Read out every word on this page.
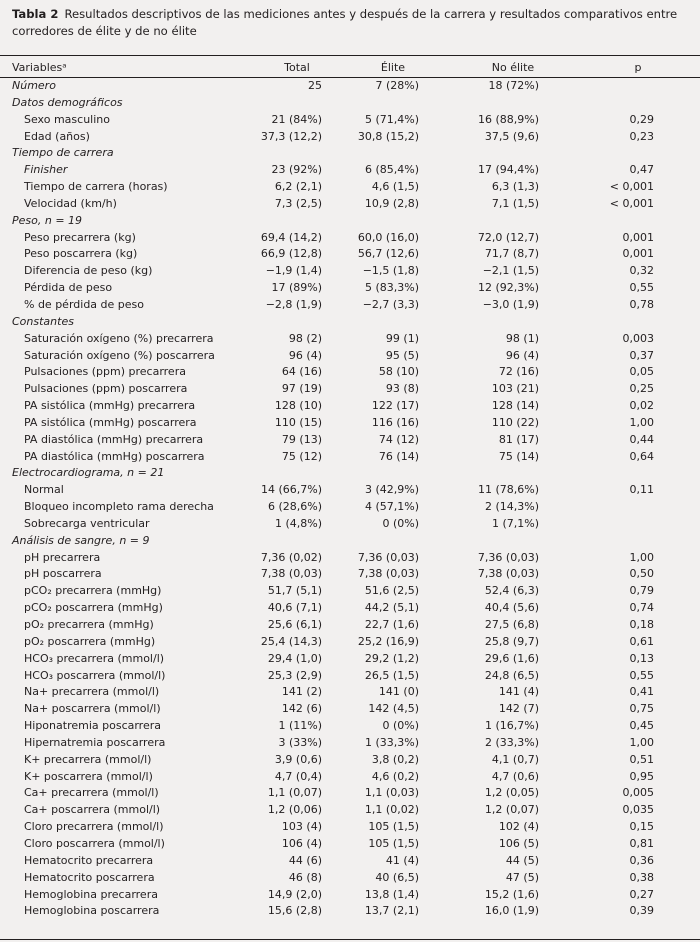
Tabla 2 Resultados descriptivos de las mediciones antes y después de la carrera y resultados comparativos entre corredores de élite y de no élite
Variablesᵃ	Total	Élite	No élite	p
Número	25	7 (28%)	18 (72%)	
Datos demográficos				
Sexo masculino	21 (84%)	5 (71,4%)	16 (88,9%)	0,29
Edad (años)	37,3 (12,2)	30,8 (15,2)	37,5 (9,6)	0,23
Tiempo de carrera				
Finisher	23 (92%)	6 (85,4%)	17 (94,4%)	0,47
Tiempo de carrera (horas)	6,2 (2,1)	4,6 (1,5)	6,3 (1,3)	< 0,001
Velocidad (km/h)	7,3 (2,5)	10,9 (2,8)	7,1 (1,5)	< 0,001
Peso, n = 19				
Peso precarrera (kg)	69,4 (14,2)	60,0 (16,0)	72,0 (12,7)	0,001
Peso poscarrera (kg)	66,9 (12,8)	56,7 (12,6)	71,7 (8,7)	0,001
Diferencia de peso (kg)	−1,9 (1,4)	−1,5 (1,8)	−2,1 (1,5)	0,32
Pérdida de peso	17 (89%)	5 (83,3%)	12 (92,3%)	0,55
% de pérdida de peso	−2,8 (1,9)	−2,7 (3,3)	−3,0 (1,9)	0,78
Constantes				
Saturación oxígeno (%) precarrera	98 (2)	99 (1)	98 (1)	0,003
Saturación oxígeno (%) poscarrera	96 (4)	95 (5)	96 (4)	0,37
Pulsaciones (ppm) precarrera	64 (16)	58 (10)	72 (16)	0,05
Pulsaciones (ppm) poscarrera	97 (19)	93 (8)	103 (21)	0,25
PA sistólica (mmHg) precarrera	128 (10)	122 (17)	128 (14)	0,02
PA sistólica (mmHg) poscarrera	110 (15)	116 (16)	110 (22)	1,00
PA diastólica (mmHg) precarrera	79 (13)	74 (12)	81 (17)	0,44
PA diastólica (mmHg) poscarrera	75 (12)	76 (14)	75 (14)	0,64
Electrocardiograma, n = 21				
Normal	14 (66,7%)	3 (42,9%)	11 (78,6%)	0,11
Bloqueo incompleto rama derecha	6 (28,6%)	4 (57,1%)	2 (14,3%)	
Sobrecarga ventricular	1 (4,8%)	0 (0%)	1 (7,1%)	
Análisis de sangre, n = 9				
pH precarrera	7,36 (0,02)	7,36 (0,03)	7,36 (0,03)	1,00
pH poscarrera	7,38 (0,03)	7,38 (0,03)	7,38 (0,03)	0,50
pCO₂ precarrera (mmHg)	51,7 (5,1)	51,6 (2,5)	52,4 (6,3)	0,79
pCO₂ poscarrera (mmHg)	40,6 (7,1)	44,2 (5,1)	40,4 (5,6)	0,74
pO₂ precarrera (mmHg)	25,6 (6,1)	22,7 (1,6)	27,5 (6,8)	0,18
pO₂ poscarrera (mmHg)	25,4 (14,3)	25,2 (16,9)	25,8 (9,7)	0,61
HCO₃ precarrera (mmol/l)	29,4 (1,0)	29,2 (1,2)	29,6 (1,6)	0,13
HCO₃ poscarrera (mmol/l)	25,3 (2,9)	26,5 (1,5)	24,8 (6,5)	0,55
Na+ precarrera (mmol/l)	141 (2)	141 (0)	141 (4)	0,41
Na+ poscarrera (mmol/l)	142 (6)	142 (4,5)	142 (7)	0,75
Hiponatremia poscarrera	1 (11%)	0 (0%)	1 (16,7%)	0,45
Hipernatremia poscarrera	3 (33%)	1 (33,3%)	2 (33,3%)	1,00
K+ precarrera (mmol/l)	3,9 (0,6)	3,8 (0,2)	4,1 (0,7)	0,51
K+ poscarrera (mmol/l)	4,7 (0,4)	4,6 (0,2)	4,7 (0,6)	0,95
Ca+ precarrera (mmol/l)	1,1 (0,07)	1,1 (0,03)	1,2 (0,05)	0,005
Ca+ poscarrera (mmol/l)	1,2 (0,06)	1,1 (0,02)	1,2 (0,07)	0,035
Cloro precarrera (mmol/l)	103 (4)	105 (1,5)	102 (4)	0,15
Cloro poscarrera (mmol/l)	106 (4)	105 (1,5)	106 (5)	0,81
Hematocrito precarrera	44 (6)	41 (4)	44 (5)	0,36
Hematocrito poscarrera	46 (8)	40 (6,5)	47 (5)	0,38
Hemoglobina precarrera	14,9 (2,0)	13,8 (1,4)	15,2 (1,6)	0,27
Hemoglobina poscarrera	15,6 (2,8)	13,7 (2,1)	16,0 (1,9)	0,39
